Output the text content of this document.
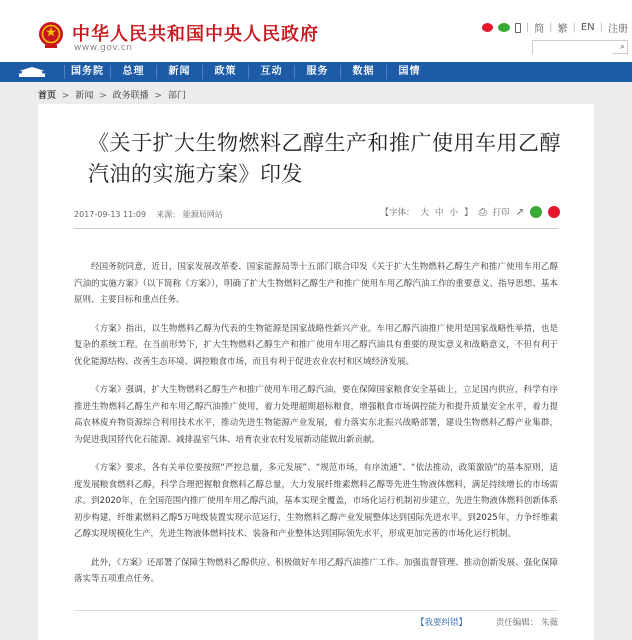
中华人民共和国中央人民政府
www.gov.cn
| 简 | 繁 | EN | 注册
⌕
国务院	总理	新闻	政策	互动	服务	数据	国情
首页 > 新闻 > 政务联播 > 部门
《关于扩大生物燃料乙醇生产和推广使用车用乙醇汽油的实施方案》印发
2017-09-13 11:09 来源： 能源局网站	【字体： 大 中 小 】 ⎙ 打印 ↗

经国务院同意，近日，国家发展改革委、国家能源局等十五部门联合印发《关于扩大生物燃料乙醇生产和推广使用车用乙醇汽油的实施方案》（以下简称《方案》），明确了扩大生物燃料乙醇生产和推广使用车用乙醇汽油工作的重要意义、指导思想、基本原则、主要目标和重点任务。

《方案》指出，以生物燃料乙醇为代表的生物能源是国家战略性新兴产业。车用乙醇汽油推广使用是国家战略性举措，也是复杂的系统工程。在当前形势下，扩大生物燃料乙醇生产和推广使用车用乙醇汽油具有重要的现实意义和战略意义，不但有利于优化能源结构、改善生态环境、调控粮食市场，而且有利于促进农业农村和区域经济发展。

《方案》强调，扩大生物燃料乙醇生产和推广使用车用乙醇汽油，要在保障国家粮食安全基础上，立足国内供应，科学有序推进生物燃料乙醇生产和车用乙醇汽油推广使用，着力处理超期超标粮食，增强粮食市场调控能力和提升质量安全水平，着力提高农林废弃物资源综合利用技术水平，推动先进生物能源产业发展，着力落实东北振兴战略部署，建设生物燃料乙醇产业集群，为促进我国替代化石能源、减排温室气体、培育农业农村发展新动能做出新贡献。

《方案》要求，各有关单位要按照“严控总量，多元发展”、“规范市场，有序流通”、“依法推动，政策激励”的基本原则，适度发展粮食燃料乙醇，科学合理把握粮食燃料乙醇总量，大力发展纤维素燃料乙醇等先进生物液体燃料，满足持续增长的市场需求。到2020年，在全国范围内推广使用车用乙醇汽油，基本实现全覆盖，市场化运行机制初步建立，先进生物液体燃料创新体系初步构建，纤维素燃料乙醇5万吨级装置实现示范运行，生物燃料乙醇产业发展整体达到国际先进水平。到2025年，力争纤维素乙醇实现规模化生产，先进生物液体燃料技术、装备和产业整体达到国际领先水平，形成更加完善的市场化运行机制。

此外，《方案》还部署了保障生物燃料乙醇供应、积极做好车用乙醇汽油推广工作、加强监督管理、推动创新发展、强化保障落实等五项重点任务。

【我要纠错】	责任编辑： 朱薇
